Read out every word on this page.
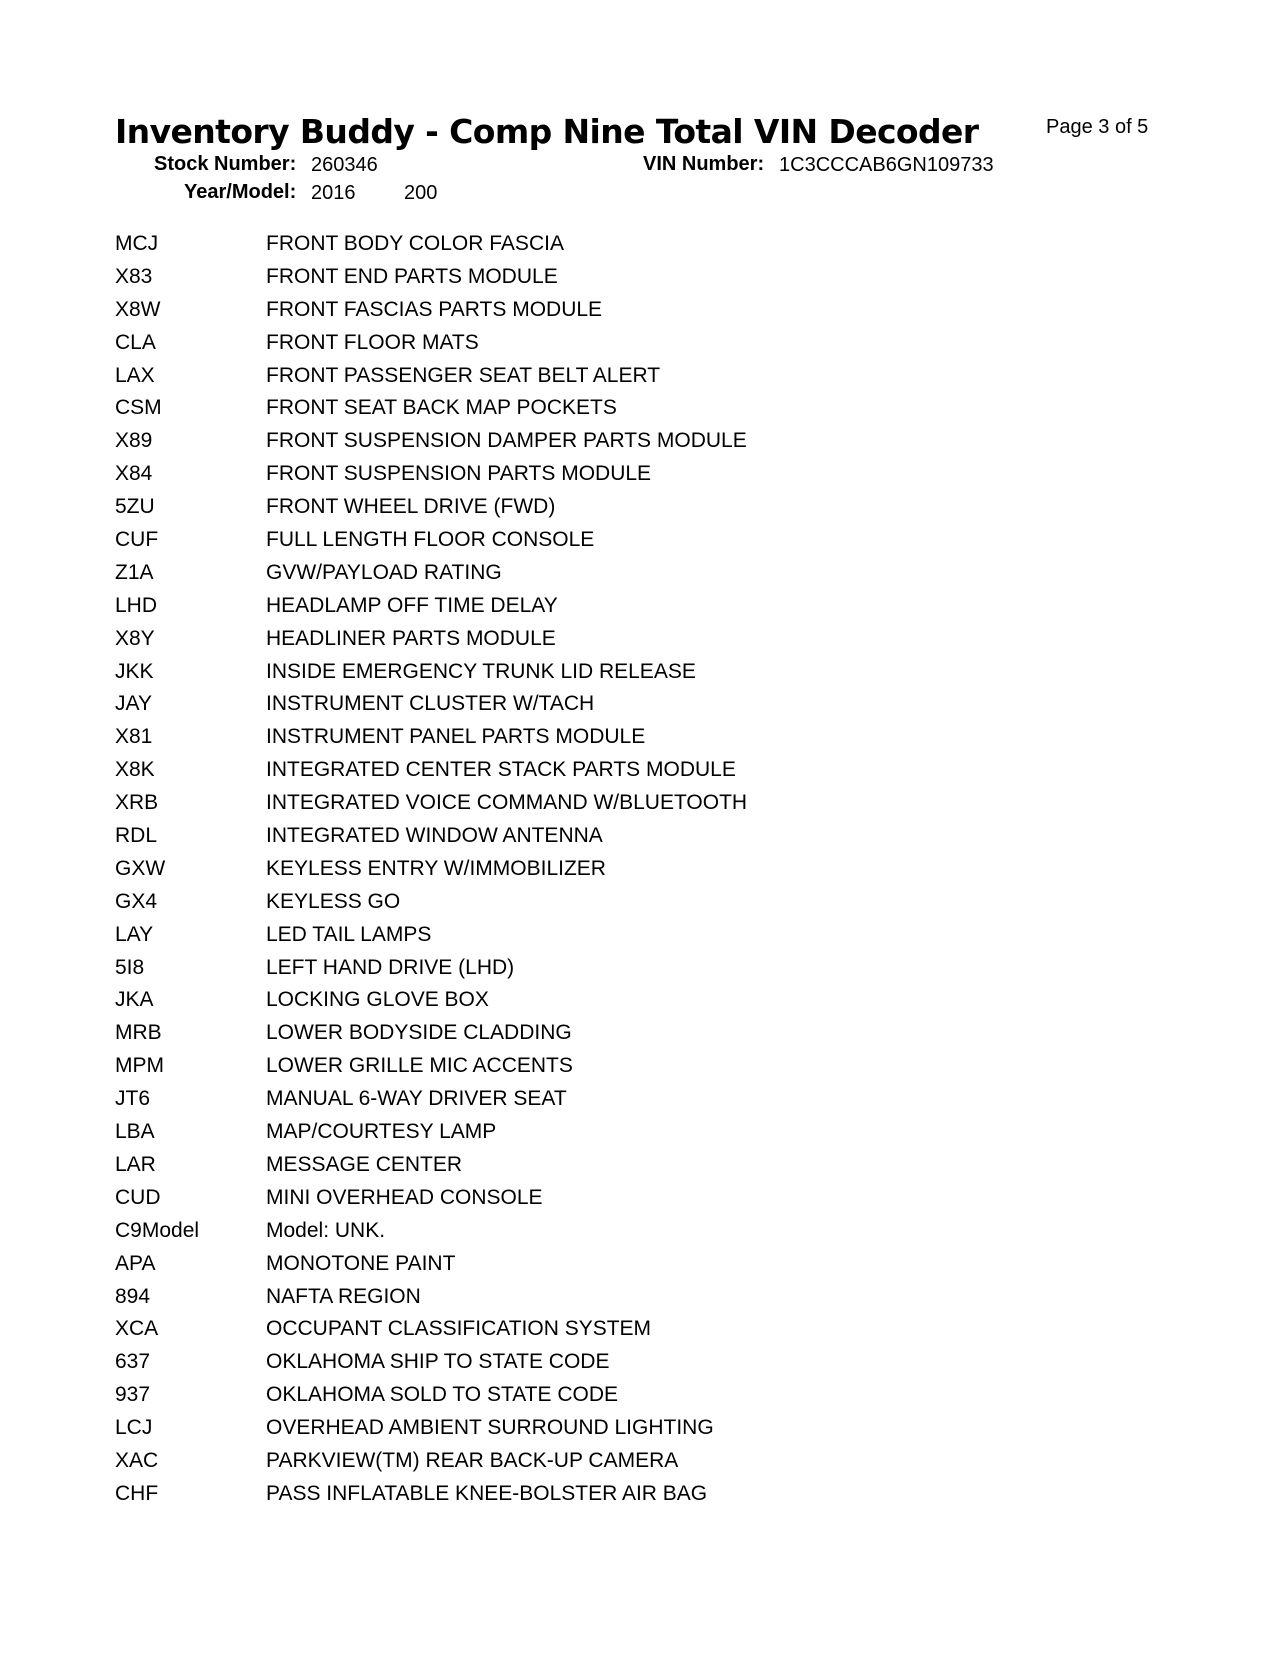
Inventory Buddy - Comp Nine Total VIN Decoder	Page 3 of 5
Stock Number: 260346	VIN Number: 1C3CCCAB6GN109733
Year/Model: 2016 200
MCJ	FRONT BODY COLOR FASCIA
X83	FRONT END PARTS MODULE
X8W	FRONT FASCIAS PARTS MODULE
CLA	FRONT FLOOR MATS
LAX	FRONT PASSENGER SEAT BELT ALERT
CSM	FRONT SEAT BACK MAP POCKETS
X89	FRONT SUSPENSION DAMPER PARTS MODULE
X84	FRONT SUSPENSION PARTS MODULE
5ZU	FRONT WHEEL DRIVE (FWD)
CUF	FULL LENGTH FLOOR CONSOLE
Z1A	GVW/PAYLOAD RATING
LHD	HEADLAMP OFF TIME DELAY
X8Y	HEADLINER PARTS MODULE
JKK	INSIDE EMERGENCY TRUNK LID RELEASE
JAY	INSTRUMENT CLUSTER W/TACH
X81	INSTRUMENT PANEL PARTS MODULE
X8K	INTEGRATED CENTER STACK PARTS MODULE
XRB	INTEGRATED VOICE COMMAND W/BLUETOOTH
RDL	INTEGRATED WINDOW ANTENNA
GXW	KEYLESS ENTRY W/IMMOBILIZER
GX4	KEYLESS GO
LAY	LED TAIL LAMPS
5I8	LEFT HAND DRIVE (LHD)
JKA	LOCKING GLOVE BOX
MRB	LOWER BODYSIDE CLADDING
MPM	LOWER GRILLE MIC ACCENTS
JT6	MANUAL 6-WAY DRIVER SEAT
LBA	MAP/COURTESY LAMP
LAR	MESSAGE CENTER
CUD	MINI OVERHEAD CONSOLE
C9Model	Model: UNK.
APA	MONOTONE PAINT
894	NAFTA REGION
XCA	OCCUPANT CLASSIFICATION SYSTEM
637	OKLAHOMA SHIP TO STATE CODE
937	OKLAHOMA SOLD TO STATE CODE
LCJ	OVERHEAD AMBIENT SURROUND LIGHTING
XAC	PARKVIEW(TM) REAR BACK-UP CAMERA
CHF	PASS INFLATABLE KNEE-BOLSTER AIR BAG
